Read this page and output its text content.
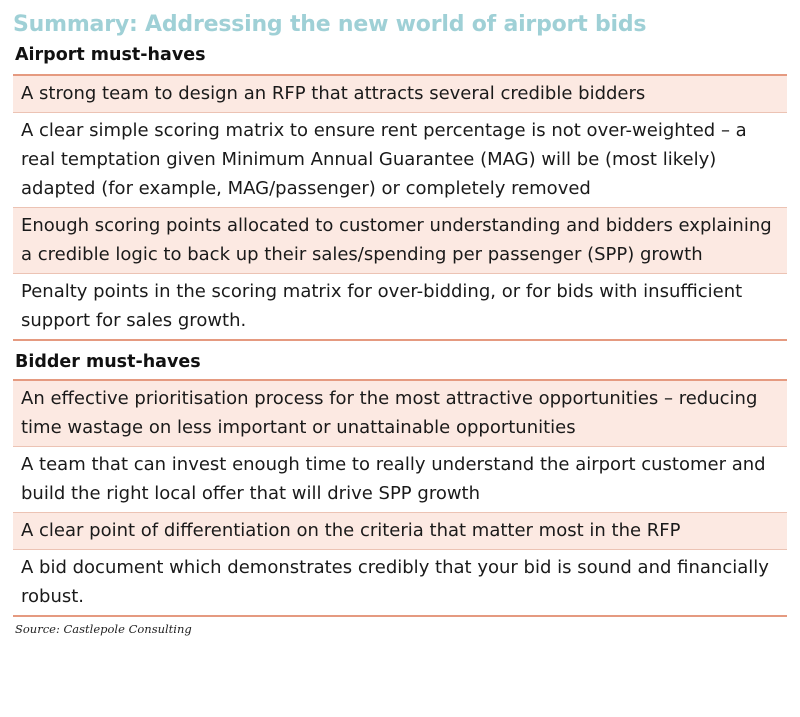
Summary: Addressing the new world of airport bids
Airport must-haves
A strong team to design an RFP that attracts several credible bidders
A clear simple scoring matrix to ensure rent percentage is not over-weighted – a real temptation given Minimum Annual Guarantee (MAG) will be (most likely) adapted (for example, MAG/passenger) or completely removed
Enough scoring points allocated to customer understanding and bidders explaining a credible logic to back up their sales/spending per passenger (SPP) growth
Penalty points in the scoring matrix for over-bidding, or for bids with insufficient support for sales growth.
Bidder must-haves
An effective prioritisation process for the most attractive opportunities – reducing time wastage on less important or unattainable opportunities
A team that can invest enough time to really understand the airport customer and build the right local offer that will drive SPP growth
A clear point of differentiation on the criteria that matter most in the RFP
A bid document which demonstrates credibly that your bid is sound and financially robust.
Source: Castlepole Consulting
